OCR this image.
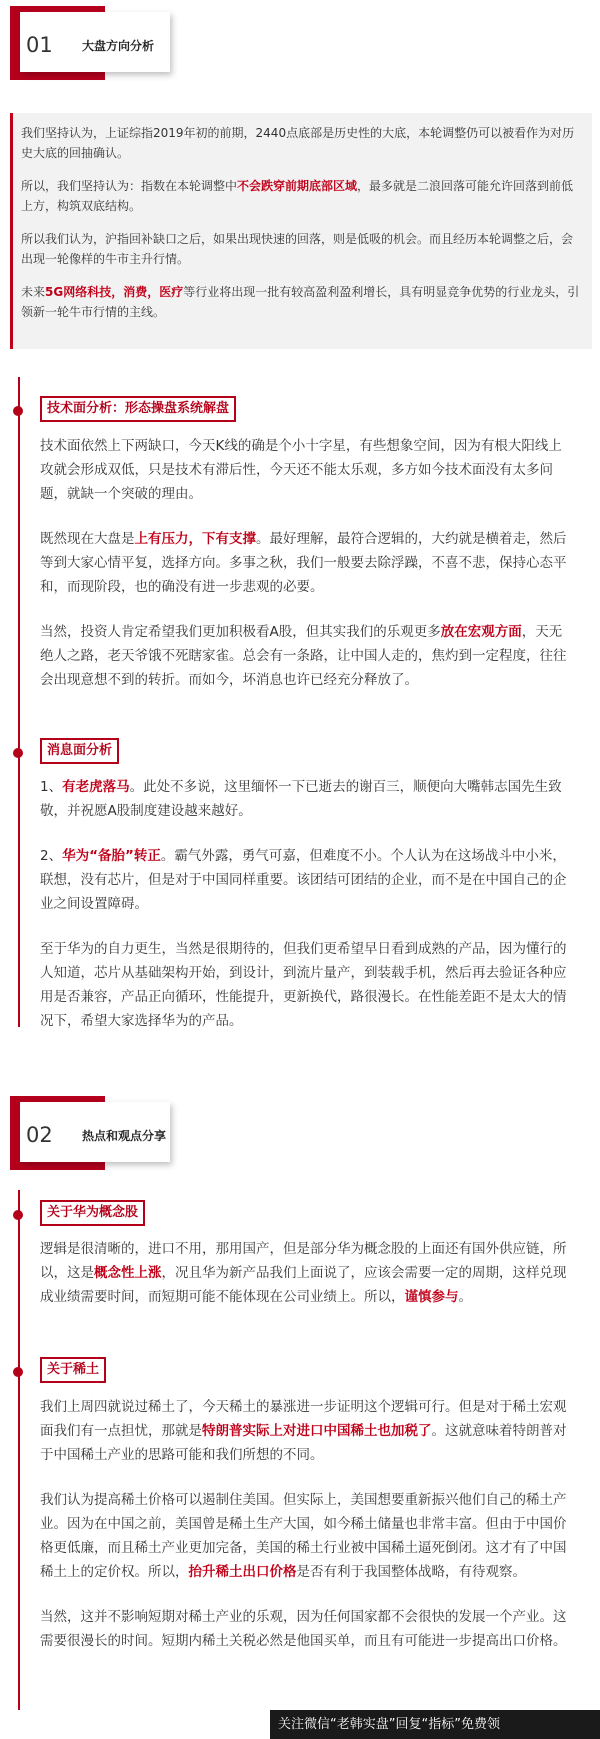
01 大盘方向分析

我们坚持认为，上证综指2019年初的前期，2440点底部是历史性的大底，本轮调整仍可以被看作为对历史大底的回抽确认。

所以，我们坚持认为：指数在本轮调整中不会跌穿前期底部区域，最多就是二浪回落可能允许回落到前低上方，构筑双底结构。

所以我们认为，沪指回补缺口之后，如果出现快速的回落，则是低吸的机会。而且经历本轮调整之后，会出现一轮像样的牛市主升行情。

未来5G网络科技，消费，医疗等行业将出现一批有较高盈利盈利增长，具有明显竞争优势的行业龙头，引领新一轮牛市行情的主线。

技术面分析：形态操盘系统解盘

技术面依然上下两缺口，今天K线的确是个小十字星，有些想象空间，因为有根大阳线上攻就会形成双低，只是技术有滞后性，今天还不能太乐观，多方如今技术面没有太多问题，就缺一个突破的理由。

既然现在大盘是上有压力，下有支撑。最好理解，最符合逻辑的，大约就是横着走，然后等到大家心情平复，选择方向。多事之秋，我们一般要去除浮躁，不喜不悲，保持心态平和，而现阶段，也的确没有进一步悲观的必要。

当然，投资人肯定希望我们更加积极看A股，但其实我们的乐观更多放在宏观方面，天无绝人之路，老天爷饿不死瞎家雀。总会有一条路，让中国人走的，焦灼到一定程度，往往会出现意想不到的转折。而如今，坏消息也许已经充分释放了。

消息面分析

1、有老虎落马。此处不多说，这里缅怀一下已逝去的谢百三，顺便向大嘴韩志国先生致敬，并祝愿A股制度建设越来越好。

2、华为“备胎”转正。霸气外露，勇气可嘉，但难度不小。个人认为在这场战斗中小米，联想，没有芯片，但是对于中国同样重要。该团结可团结的企业，而不是在中国自己的企业之间设置障碍。

至于华为的自力更生，当然是很期待的，但我们更希望早日看到成熟的产品，因为懂行的人知道，芯片从基础架构开始，到设计，到流片量产，到装载手机，然后再去验证各种应用是否兼容，产品正向循环，性能提升，更新换代，路很漫长。在性能差距不是太大的情况下，希望大家选择华为的产品。

02 热点和观点分享
关于华为概念股

逻辑是很清晰的，进口不用，那用国产，但是部分华为概念股的上面还有国外供应链，所以，这是概念性上涨，况且华为新产品我们上面说了，应该会需要一定的周期，这样兑现成业绩需要时间，而短期可能不能体现在公司业绩上。所以，谨慎参与。

关于稀土

我们上周四就说过稀土了，今天稀土的暴涨进一步证明这个逻辑可行。但是对于稀土宏观面我们有一点担忧，那就是特朗普实际上对进口中国稀土也加税了。这就意味着特朗普对于中国稀土产业的思路可能和我们所想的不同。

我们认为提高稀土价格可以遏制住美国。但实际上，美国想要重新振兴他们自己的稀土产业。因为在中国之前，美国曾是稀土生产大国，如今稀土储量也非常丰富。但由于中国价格更低廉，而且稀土产业更加完备，美国的稀土行业被中国稀土逼死倒闭。这才有了中国稀土上的定价权。所以，抬升稀土出口价格是否有利于我国整体战略，有待观察。

当然，这并不影响短期对稀土产业的乐观，因为任何国家都不会很快的发展一个产业。这需要很漫长的时间。短期内稀土关税必然是他国买单，而且有可能进一步提高出口价格。

关注微信“老韩实盘”回复“指标”免费领
